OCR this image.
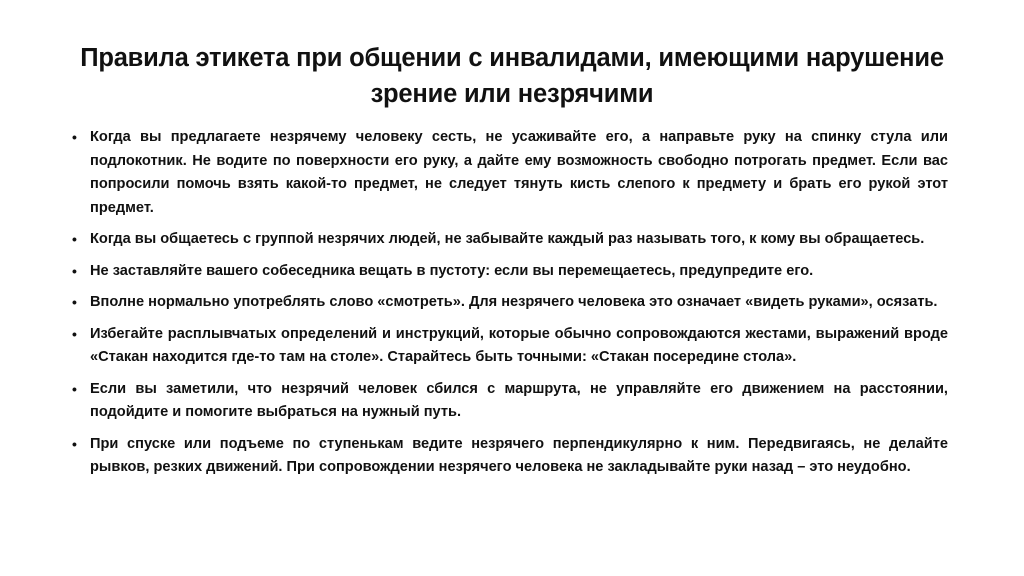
Правила этикета при общении с инвалидами, имеющими нарушение зрение или незрячими
• Когда вы предлагаете незрячему человеку сесть, не усаживайте его, а направьте руку на спинку стула или подлокотник. Не водите по поверхности его руку, а дайте ему возможность свободно потрогать предмет. Если вас попросили помочь взять какой-то предмет, не следует тянуть кисть слепого к предмету и брать его рукой этот предмет.
• Когда вы общаетесь с группой незрячих людей, не забывайте каждый раз называть того, к кому вы обращаетесь.
• Не заставляйте вашего собеседника вещать в пустоту: если вы перемещаетесь, предупредите его.
• Вполне нормально употреблять слово «смотреть». Для незрячего человека это означает «видеть руками», осязать.
• Избегайте расплывчатых определений и инструкций, которые обычно сопровождаются жестами, выражений вроде «Стакан находится где-то там на столе». Старайтесь быть точными: «Стакан посередине стола».
• Если вы заметили, что незрячий человек сбился с маршрута, не управляйте его движением на расстоянии, подойдите и помогите выбраться на нужный путь.
• При спуске или подъеме по ступенькам ведите незрячего перпендикулярно к ним. Передвигаясь, не делайте рывков, резких движений. При сопровождении незрячего человека не закладывайте руки назад – это неудобно.
